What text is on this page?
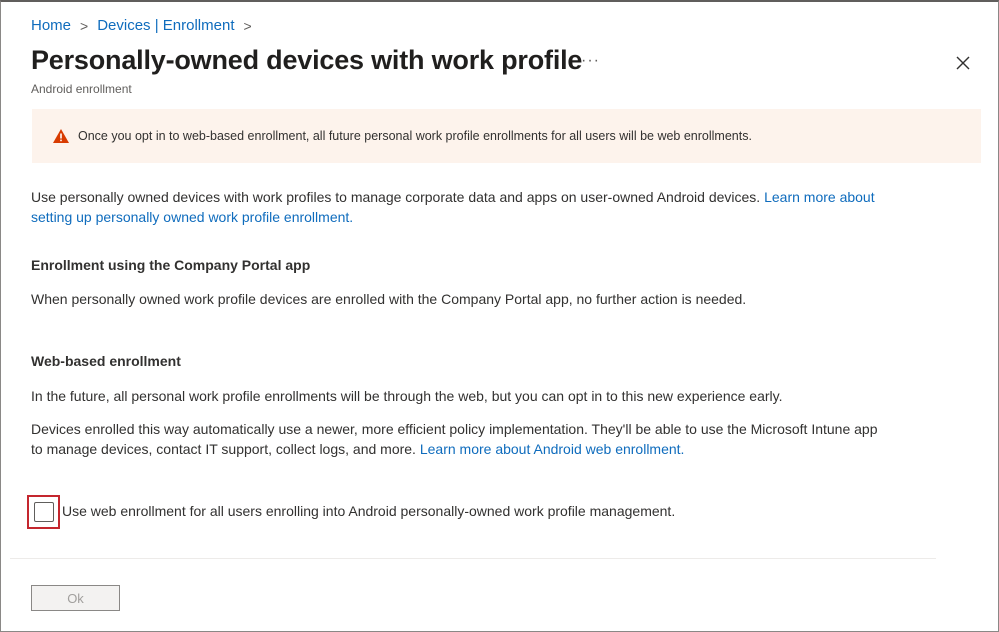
Home > Devices | Enrollment >
Personally-owned devices with work profile
···
Android enrollment
Once you opt in to web-based enrollment, all future personal work profile enrollments for all users will be web enrollments.

Use personally owned devices with work profiles to manage corporate data and apps on user-owned Android devices. Learn more about
setting up personally owned work profile enrollment.

Enrollment using the Company Portal app

When personally owned work profile devices are enrolled with the Company Portal app, no further action is needed.

Web-based enrollment

In the future, all personal work profile enrollments will be through the web, but you can opt in to this new experience early.

Devices enrolled this way automatically use a newer, more efficient policy implementation. They'll be able to use the Microsoft Intune app
to manage devices, contact IT support, collect logs, and more. Learn more about Android web enrollment.

Use web enrollment for all users enrolling into Android personally-owned work profile management.
Ok
